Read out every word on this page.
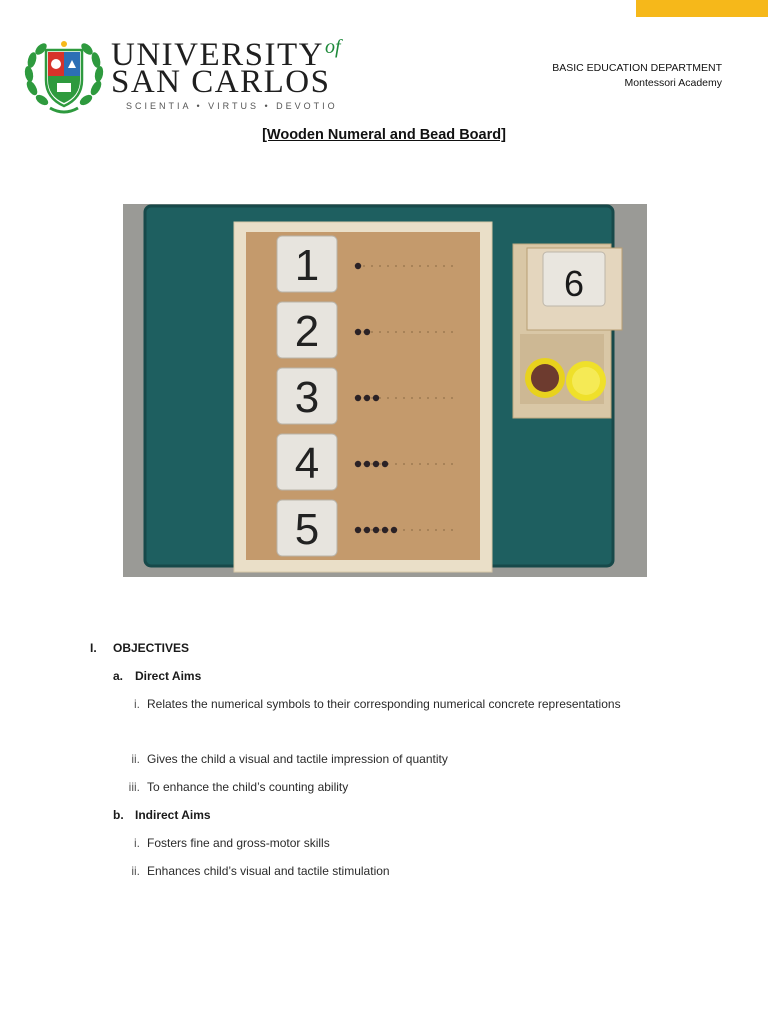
$UNIVERSITY^{of}$
SAN CARLOS
SCIENTIA • VIRTUS • DEVOTIO
BASIC EDUCATION DEPARTMENT
Montessori Academy
[Wooden Numeral and Bead Board]
1
2
3
4
5
6
I. OBJECTIVES
a. Direct Aims
i. Relates the numerical symbols to their corresponding numerical concrete representations
ii. Gives the child a visual and tactile impression of quantity
iii. To enhance the child’s counting ability
b. Indirect Aims
i. Fosters fine and gross-motor skills
ii. Enhances child’s visual and tactile stimulation
